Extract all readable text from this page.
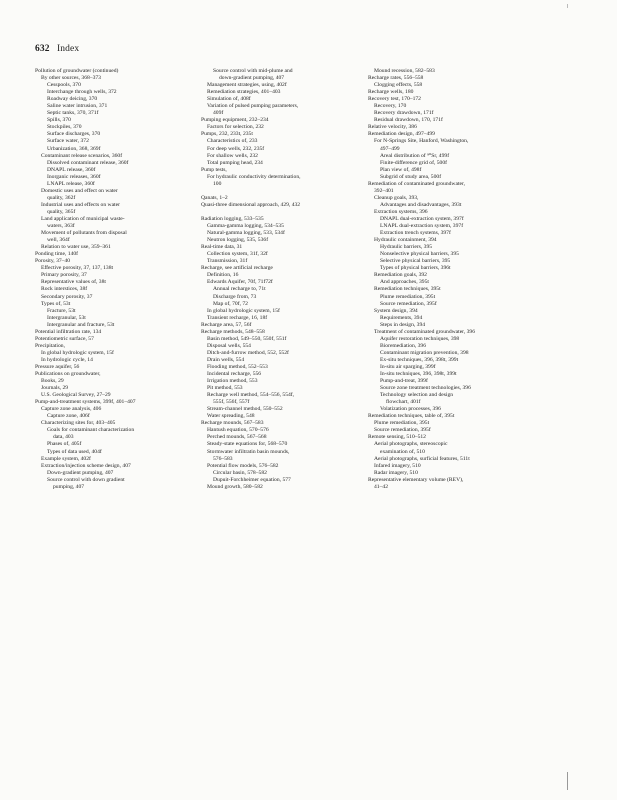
632 Index
Pollution of groundwater (continued)
By other sources, 368–373
Cesspools, 370
Interchange through wells, 372
Roadway deicing, 370
Saline water intrusion, 371
Septic tanks, 370, 371f
Spills, 370
Stockpiles, 370
Surface discharges, 370
Surface water, 372
Urbanization, 368, 369f
Contaminant release scenarios, 360f
Dissolved contaminant release, 360f
DNAPL release, 360f
Inorganic releases, 360f
LNAPL release, 360f
Domestic uses and effect on water
quality, 362f
Industrial uses and effects on water
quality, 365f
Land application of municipal waste-
waters, 363f
Movement of pollutants from disposal
well, 364f
Relation to water use, 359–361
Ponding time, 140f
Porosity, 37–40
Effective porosity, 37, 137, 138t
Primary porosity, 37
Representative values of, 38t
Rock interstices, 38f
Secondary porosity, 37
Types of, 53t
Fracture, 53t
Intergranular, 53t
Intergranular and fracture, 53t
Potential infiltration rate, 134
Potentiometric surface, 57
Precipitation,
In global hydrologic system, 15f
In hydrologic cycle, 14
Pressure aquifer, 56
Publications on groundwater,
Books, 29
Journals, 29
U.S. Geological Survey, 27–29
Pump-and-treatment systems, 399f, 401–407
Capture zone analysis, 406
Capture zone, 406f
Characterizing sites for, 403–405
Goals for contaminant characterization
data, 403
Phases of, 405f
Types of data used, 404f
Example system, 402f
Extraction/injection scheme design, 407
Down-gradient pumping, 407
Source control with down gradient
pumping, 407
Source control with mid-plume and
down-gradient pumping, 407
Management strategies, using, 402f
Remediation strategies, 401–403
Simulation of, 408f
Variation of pulsed pumping parameters,
409f
Pumping equipment, 232–234
Factors for selection, 232
Pumps, 232, 233t, 235t
Characteristics of, 233
For deep wells, 232, 235f
For shallow wells, 232
Total pumping head, 234
Pump tests,
For hydraulic conductivity determination,
100
Qanats, 1–2
Quasi-three dimensional approach, 429, 432
Radiation logging, 533–535
Gamma-gamma logging, 534–535
Natural-gamma logging, 533, 534f
Neutron logging, 535, 536f
Real-time data, 31
Collection system, 31f, 32f
Transmission, 31f
Recharge, see artificial recharge
Definition, 16
Edwards Aquifer, 70f, 71f72f
Annual recharge to, 71t
Discharge from, 73
Map of, 70f, 72
In global hydrologic system, 15f
Transient recharge, 16, 18f
Recharge area, 57, 56f
Recharge methods, 548–558
Basin method, 549–550, 550f, 551f
Disposal wells, 554
Ditch-and-furrow method, 552, 552f
Drain wells, 554
Flooding method, 552–553
Incidental recharge, 556
Irrigation method, 553
Pit method, 553
Recharge well method, 554–556, 554f,
555f, 556f, 557f
Stream-channel method, 550–552
Water spreading, 548
Recharge mounds, 567–583
Hantush equation, 570–576
Perched mounds, 567–568
Steady-state equations for, 568–570
Stormwater infiltratin basin mounds,
576–583
Potential flow models, 576–582
Circular basin, 578–582
Dupuit-Forchheimer equation, 577
Mound growth, 580–582
Mound recession, 582–583
Recharge rates, 556–558
Clogging effects, 558
Recharge wells, 180
Recovery test, 170–172
Recovery, 170
Recovery drawdown, 171f
Residual drawdown, 170, 171f
Relative velocity, 386
Remediation design, 497–499
For N-Springs Site, Hanford, Washington,
497–499
Areal distribution of ⁹⁰Sr, 499f
Finite-difference grid of, 500f
Plan view of, 498f
Subgrid of study area, 500f
Remediation of contaminated groundwater,
392–401
Cleanup goals, 393,
Advantages and disadvantages, 393t
Extraction systems, 396
DNAPL dual-extraction system, 397f
LNAPL dual-extraction system, 397f
Extraction trench systems, 397f
Hydraulic containment, 394
Hydraulic barriers, 395
Nonselective physical barriers, 395
Selective physical barriers, 395
Types of physical barriers, 396t
Remediation goals, 392
And approaches, 395t
Remediation techniques, 395t
Plume remediation, 395t
Source remediation, 395f
System design, 394
Requirements, 394
Steps in design, 394
Treatment of contaminated groundwater, 396
Aquifer restoration techniques, 398
Bioremediation, 396
Contaminant migration prevention, 398
Ex-situ techniques, 396, 398t, 399t
In-situ air sparging, 399f
In-situ techniques, 396, 398t, 399t
Pump-and-treat, 399f
Source zone treatment technologies, 396
Technology selection and design
flowchart, 401f
Volatization processes, 396
Remediation techniques, table of, 395t
Plume remediation, 395t
Source remediation, 395f
Remote sensing, 510–512
Aerial photographs, stereoscopic
examination of, 510
Aerial photographs, surficial features, 511t
Infared imagery, 510
Radar imagery, 510
Representative elementary volume (REV),
41–42
